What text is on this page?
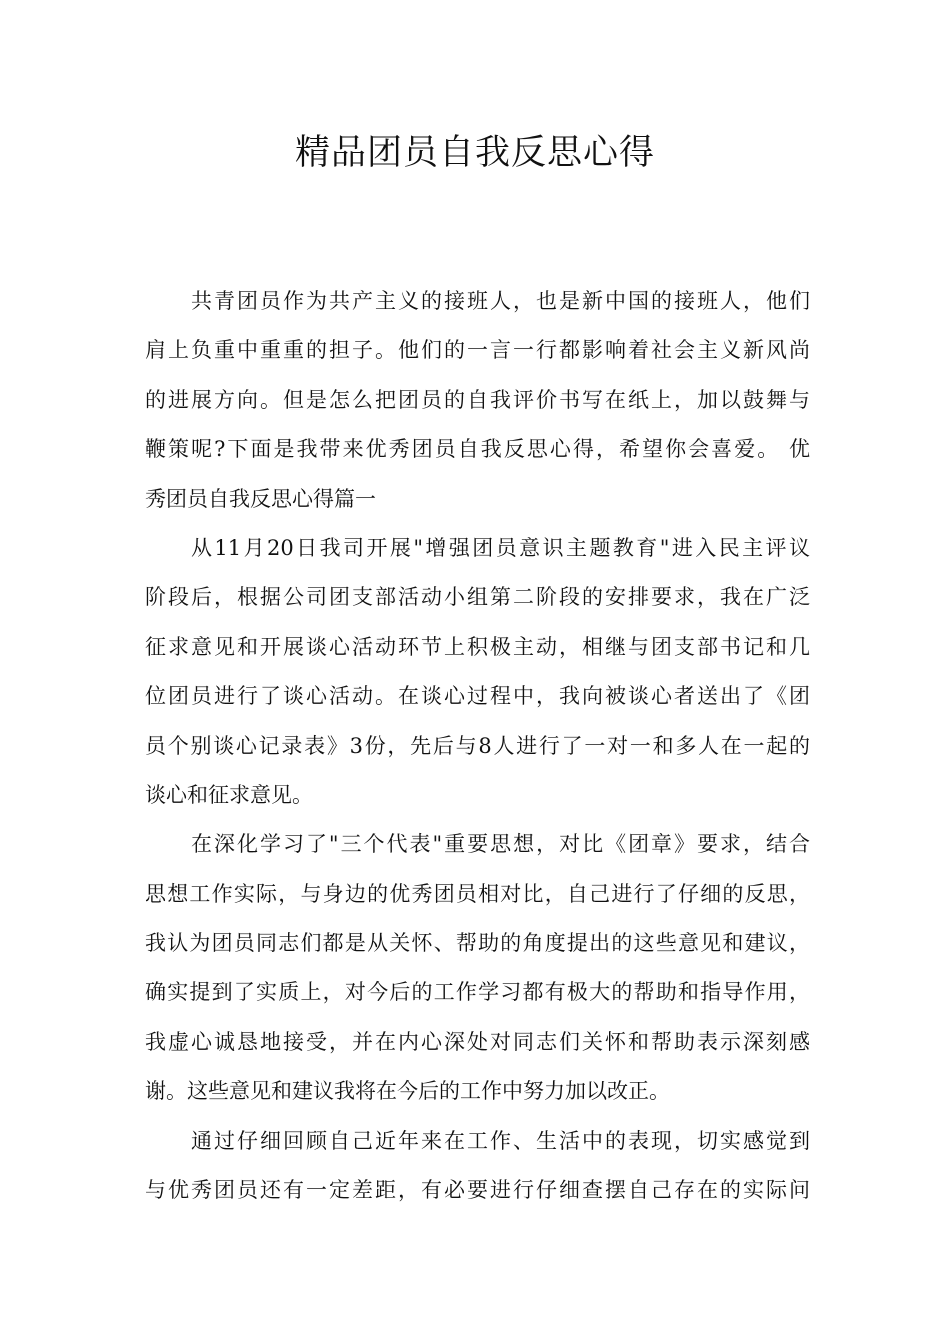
精品团员自我反思心得
共青团员作为共产主义的接班人，也是新中国的接班人，他们
肩上负重中重重的担子。他们的一言一行都影响着社会主义新风尚
的进展方向。但是怎么把团员的自我评价书写在纸上，加以鼓舞与
鞭策呢?下面是我带来优秀团员自我反思心得，希望你会喜爱。 优
秀团员自我反思心得篇一
从11月20日我司开展"增强团员意识主题教育"进入民主评议
阶段后，根据公司团支部活动小组第二阶段的安排要求，我在广泛
征求意见和开展谈心活动环节上积极主动，相继与团支部书记和几
位团员进行了谈心活动。在谈心过程中，我向被谈心者送出了《团
员个别谈心记录表》3份，先后与8人进行了一对一和多人在一起的
谈心和征求意见。
在深化学习了"三个代表"重要思想，对比《团章》要求，结合
思想工作实际，与身边的优秀团员相对比，自己进行了仔细的反思，
我认为团员同志们都是从关怀、帮助的角度提出的这些意见和建议，
确实提到了实质上，对今后的工作学习都有极大的帮助和指导作用，
我虚心诚恳地接受，并在内心深处对同志们关怀和帮助表示深刻感
谢。这些意见和建议我将在今后的工作中努力加以改正。
通过仔细回顾自己近年来在工作、生活中的表现，切实感觉到
与优秀团员还有一定差距，有必要进行仔细查摆自己存在的实际问
